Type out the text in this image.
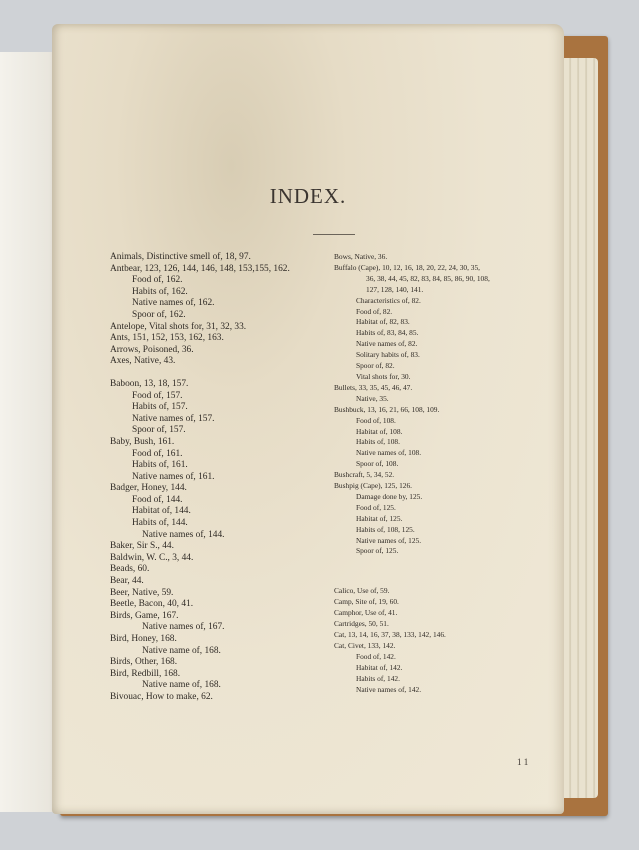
INDEX.
Animals, Distinctive smell of, 18, 97.
Antbear, 123, 126, 144, 146, 148, 153,155, 162.
Food of, 162.
Habits of, 162.
Native names of, 162.
Spoor of, 162.
Antelope, Vital shots for, 31, 32, 33.
Ants, 151, 152, 153, 162, 163.
Arrows, Poisoned, 36.
Axes, Native, 43.
Baboon, 13, 18, 157.
Food of, 157.
Habits of, 157.
Native names of, 157.
Spoor of, 157.
Baby, Bush, 161.
Food of, 161.
Habits of, 161.
Native names of, 161.
Badger, Honey, 144.
Food of, 144.
Habitat of, 144.
Habits of, 144.
Native names of, 144.
Baker, Sir S., 44.
Baldwin, W. C., 3, 44.
Beads, 60.
Bear, 44.
Beer, Native, 59.
Beetle, Bacon, 40, 41.
Birds, Game, 167.
Native names of, 167.
Bird, Honey, 168.
Native name of, 168.
Birds, Other, 168.
Bird, Redbill, 168.
Native name of, 168.
Bivouac, How to make, 62.
Bows, Native, 36.
Buffalo (Cape), 10, 12, 16, 18, 20, 22, 24, 30, 35,
36, 38, 44, 45, 82, 83, 84, 85, 86, 90, 108,
127, 128, 140, 141.
Characteristics of, 82.
Food of, 82.
Habitat of, 82, 83.
Habits of, 83, 84, 85.
Native names of, 82.
Solitary habits of, 83.
Spoor of, 82.
Vital shots for, 30.
Bullets, 33, 35, 45, 46, 47.
Native, 35.
Bushbuck, 13, 16, 21, 66, 108, 109.
Food of, 108.
Habitat of, 108.
Habits of, 108.
Native names of, 108.
Spoor of, 108.
Bushcraft, 5, 34, 52.
Bushpig (Cape), 125, 126.
Damage done by, 125.
Food of, 125.
Habitat of, 125.
Habits of, 108, 125.
Native names of, 125.
Spoor of, 125.
Calico, Use of, 59.
Camp, Site of, 19, 60.
Camphor, Use of, 41.
Cartridges, 50, 51.
Cat, 13, 14, 16, 37, 38, 133, 142, 146.
Cat, Civet, 133, 142.
Food of, 142.
Habitat of, 142.
Habits of, 142.
Native names of, 142.
1 1
